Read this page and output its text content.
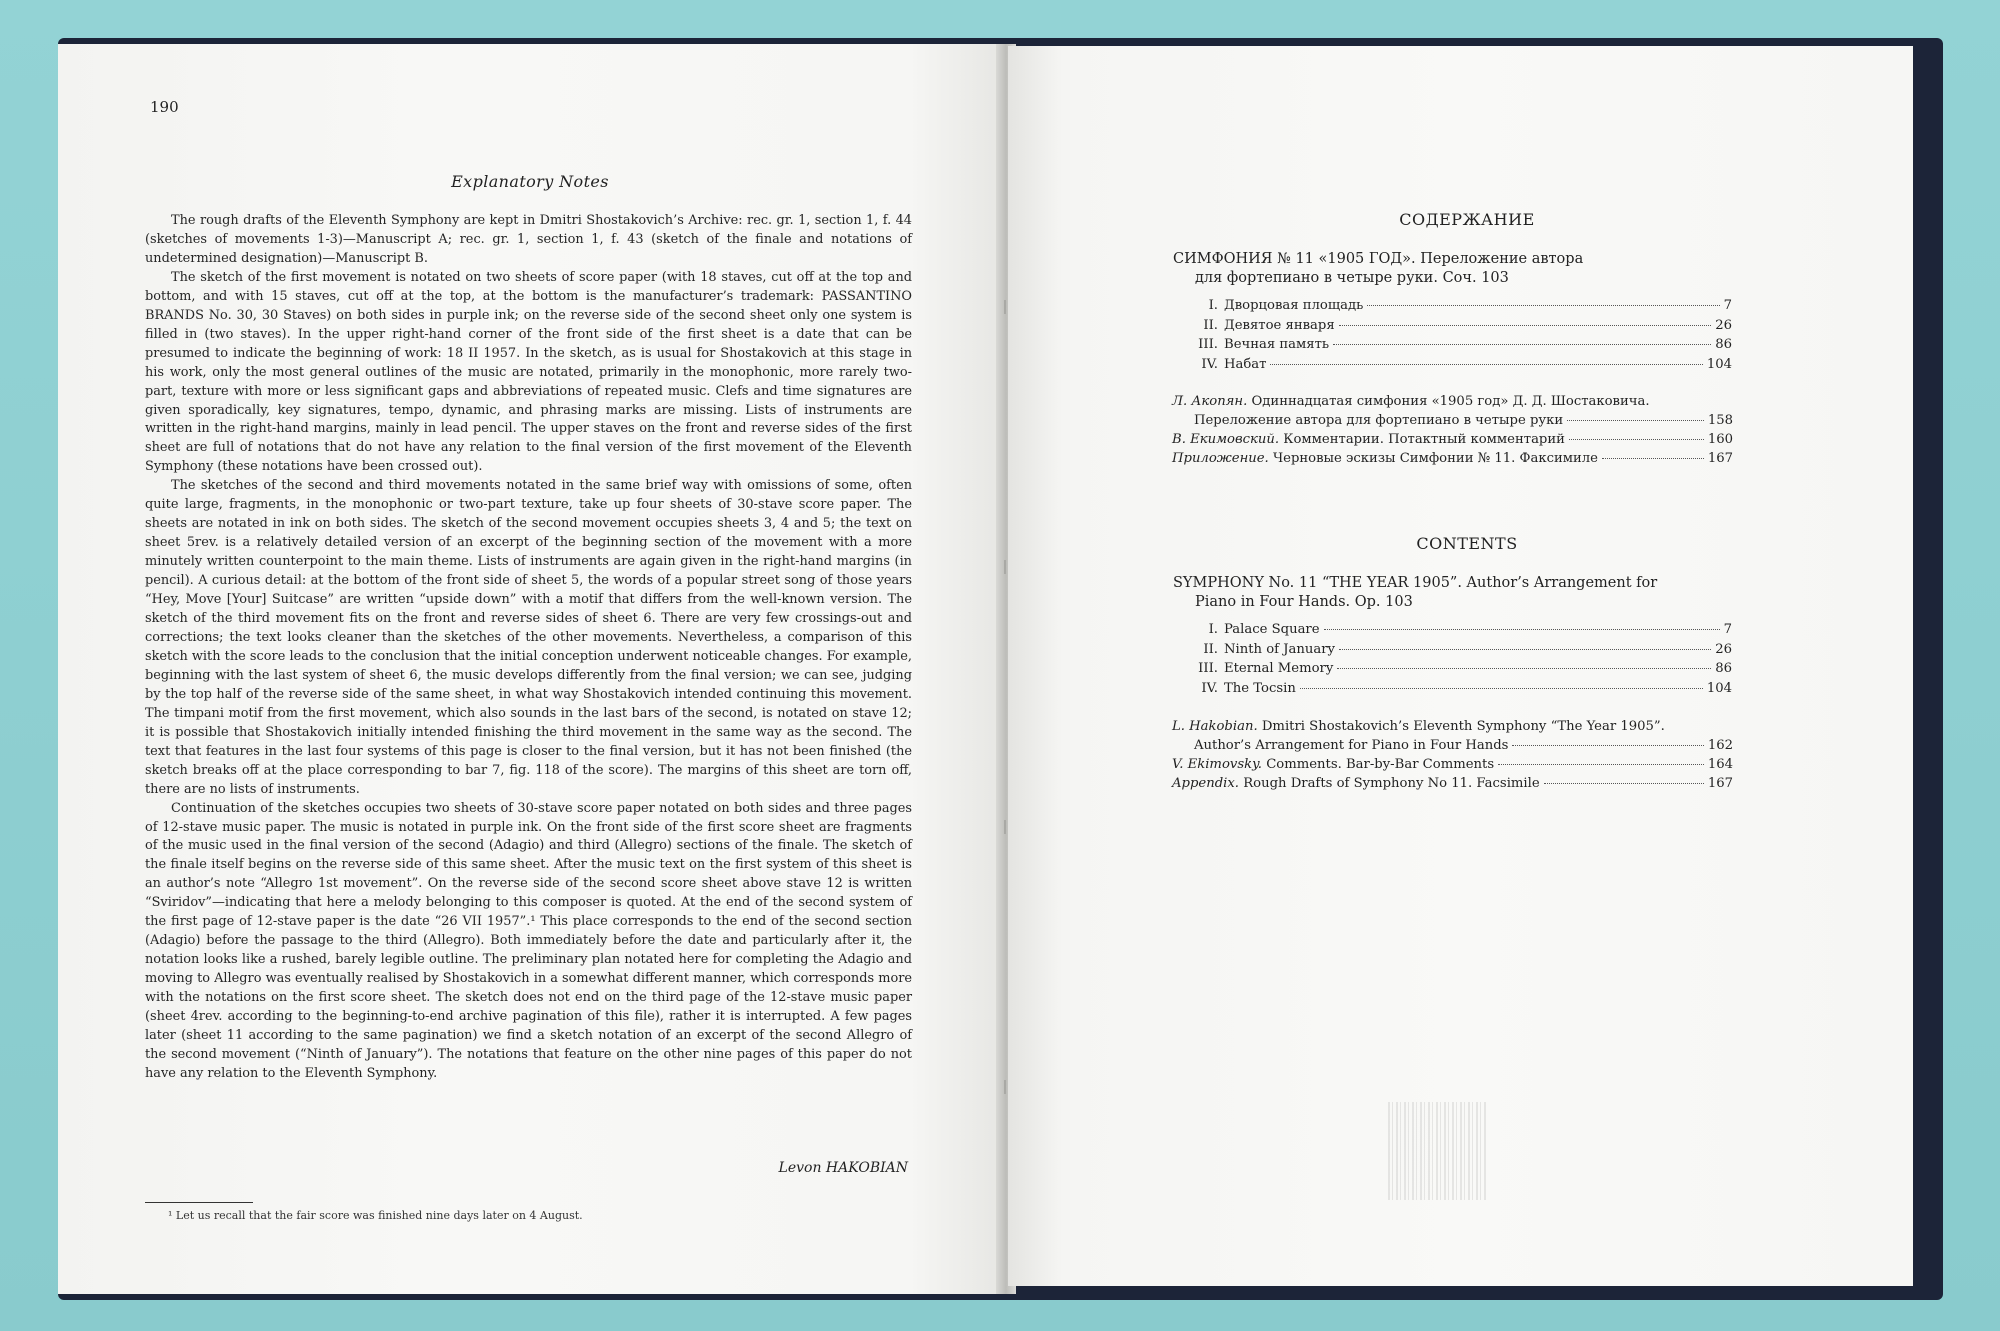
190
Explanatory Notes

The rough drafts of the Eleventh Symphony are kept in Dmitri Shostakovich’s Archive: rec. gr. 1, section 1, f. 44 (sketches of movements 1-3)—Manuscript A; rec. gr. 1, section 1, f. 43 (sketch of the finale and notations of undetermined designation)—Manuscript B.

The sketch of the first movement is notated on two sheets of score paper (with 18 staves, cut off at the top and bottom, and with 15 staves, cut off at the top, at the bottom is the manufacturer’s trademark: PASSANTINO BRANDS No. 30, 30 Staves) on both sides in purple ink; on the reverse side of the second sheet only one system is filled in (two staves). In the upper right-hand corner of the front side of the first sheet is a date that can be presumed to indicate the beginning of work: 18 II 1957. In the sketch, as is usual for Shostakovich at this stage in his work, only the most general outlines of the music are notated, primarily in the monophonic, more rarely two-part, texture with more or less significant gaps and abbreviations of repeated music. Clefs and time signatures are given sporadically, key signatures, tempo, dynamic, and phrasing marks are missing. Lists of instruments are written in the right-hand margins, mainly in lead pencil. The upper staves on the front and reverse sides of the first sheet are full of notations that do not have any relation to the final version of the first movement of the Eleventh Symphony (these notations have been crossed out).

The sketches of the second and third movements notated in the same brief way with omissions of some, often quite large, fragments, in the monophonic or two-part texture, take up four sheets of 30-stave score paper. The sheets are notated in ink on both sides. The sketch of the second movement occupies sheets 3, 4 and 5; the text on sheet 5rev. is a relatively detailed version of an excerpt of the beginning section of the movement with a more minutely written counterpoint to the main theme. Lists of instruments are again given in the right-hand margins (in pencil). A curious detail: at the bottom of the front side of sheet 5, the words of a popular street song of those years “Hey, Move [Your] Suitcase” are written “upside down” with a motif that differs from the well-known version. The sketch of the third movement fits on the front and reverse sides of sheet 6. There are very few crossings-out and corrections; the text looks cleaner than the sketches of the other movements. Nevertheless, a comparison of this sketch with the score leads to the conclusion that the initial conception underwent noticeable changes. For example, beginning with the last system of sheet 6, the music develops differently from the final version; we can see, judging by the top half of the reverse side of the same sheet, in what way Shostakovich intended continuing this movement. The timpani motif from the first movement, which also sounds in the last bars of the second, is notated on stave 12; it is possible that Shostakovich initially intended finishing the third movement in the same way as the second. The text that features in the last four systems of this page is closer to the final version, but it has not been finished (the sketch breaks off at the place corresponding to bar 7, fig. 118 of the score). The margins of this sheet are torn off, there are no lists of instruments.

Continuation of the sketches occupies two sheets of 30-stave score paper notated on both sides and three pages of 12-stave music paper. The music is notated in purple ink. On the front side of the first score sheet are fragments of the music used in the final version of the second (Adagio) and third (Allegro) sections of the finale. The sketch of the finale itself begins on the reverse side of this same sheet. After the music text on the first system of this sheet is an author’s note “Allegro 1st movement”. On the reverse side of the second score sheet above stave 12 is written “Sviridov”—indicating that here a melody belonging to this composer is quoted. At the end of the second system of the first page of 12-stave paper is the date “26 VII 1957”.¹ This place corresponds to the end of the second section (Adagio) before the passage to the third (Allegro). Both immediately before the date and particularly after it, the notation looks like a rushed, barely legible outline. The preliminary plan notated here for completing the Adagio and moving to Allegro was eventually realised by Shostakovich in a somewhat different manner, which corresponds more with the notations on the first score sheet. The sketch does not end on the third page of the 12-stave music paper (sheet 4rev. according to the beginning-to-end archive pagination of this file), rather it is interrupted. A few pages later (sheet 11 according to the same pagination) we find a sketch notation of an excerpt of the second Allegro of the second movement (“Ninth of January”). The notations that feature on the other nine pages of this paper do not have any relation to the Eleventh Symphony.

Levon HAKOBIAN
¹ Let us recall that the fair score was finished nine days later on 4 August.
СОДЕРЖАНИЕ
СИМФОНИЯ № 11 «1905 ГОД». Переложение автора
для фортепиано в четыре руки. Соч. 103
I. Дворцовая площадь	7
II. Девятое января	26
III. Вечная память	86
IV. Набат	104
Л. Акопян. Одиннадцатая симфония «1905 год» Д. Д. Шостаковича.
Переложение автора для фортепиано в четыре руки	158
В. Екимовский. Комментарии. Потактный комментарий	160
Приложение. Черновые эскизы Симфонии № 11. Факсимиле	167
CONTENTS
SYMPHONY No. 11 “THE YEAR 1905”. Author’s Arrangement for
Piano in Four Hands. Op. 103
I. Palace Square	7
II. Ninth of January	26
III. Eternal Memory	86
IV. The Tocsin	104
L. Hakobian. Dmitri Shostakovich’s Eleventh Symphony “The Year 1905”.
Author’s Arrangement for Piano in Four Hands	162
V. Ekimovsky. Comments. Bar-by-Bar Comments	164
Appendix. Rough Drafts of Symphony No 11. Facsimile	167
